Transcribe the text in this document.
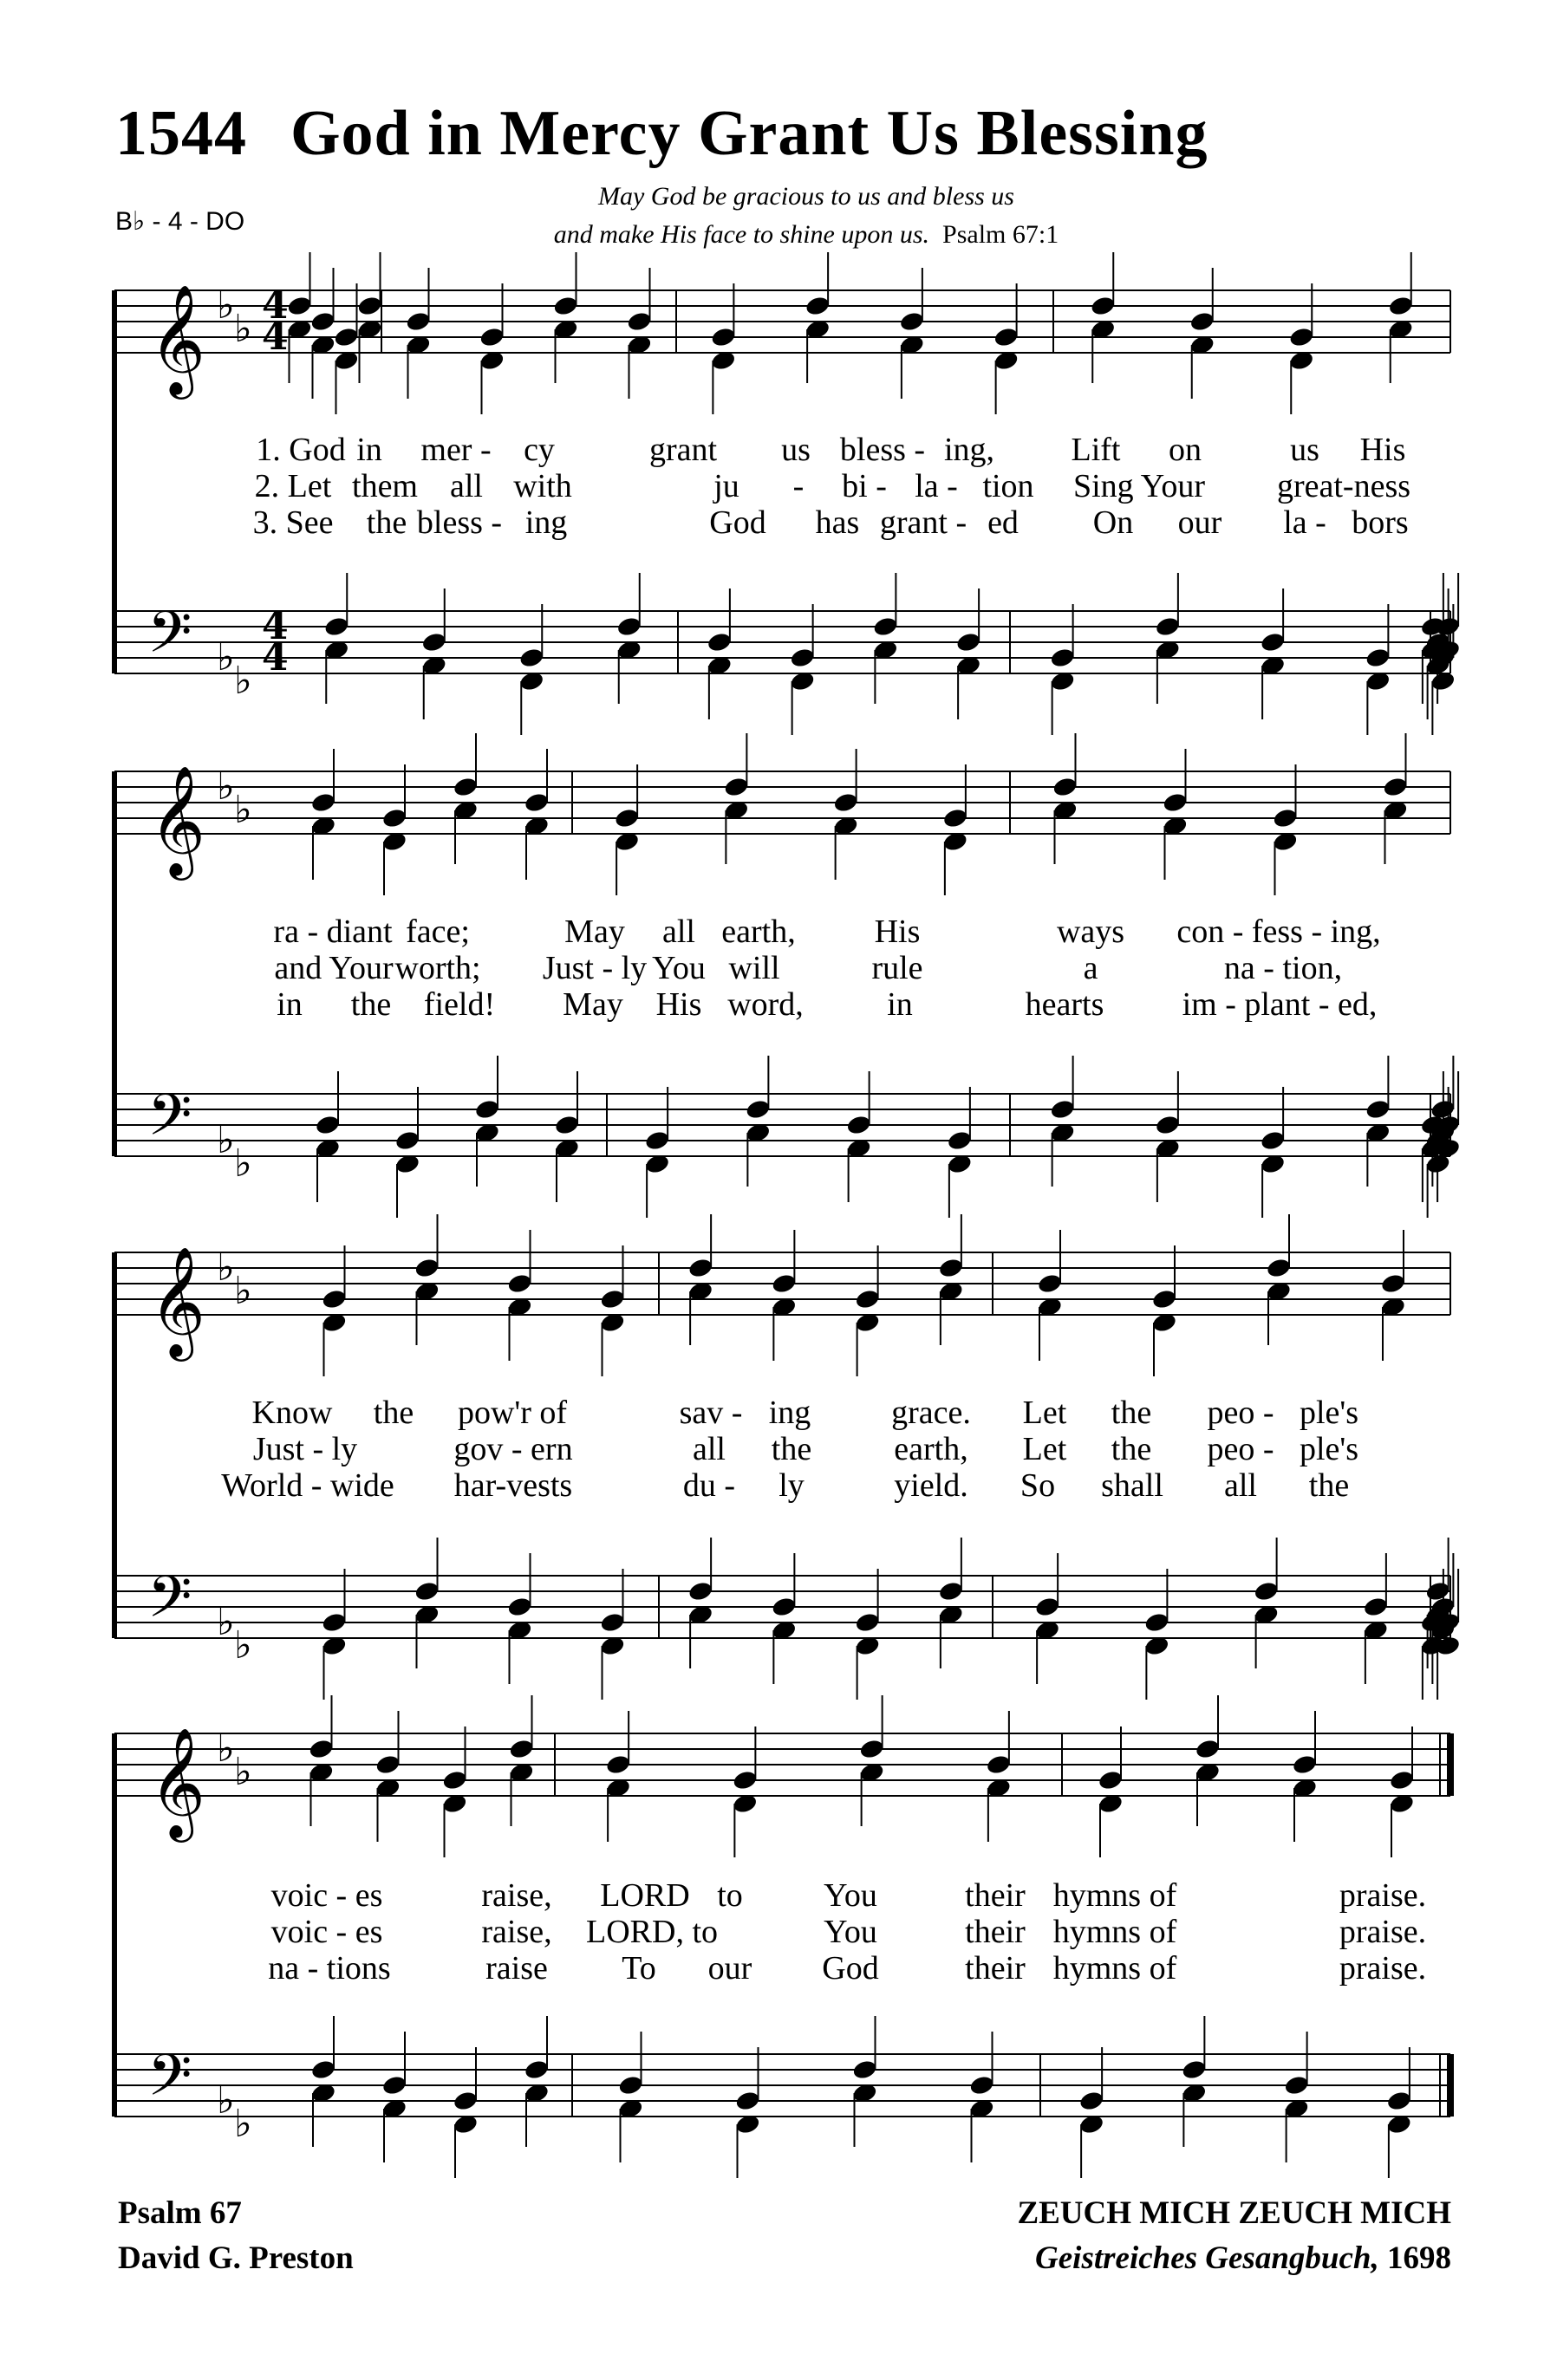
1544 God in Mercy Grant Us Blessing
B♭ - 4 - DO
May God be gracious to us and bless us
and make His face to shine upon us. Psalm 67:1
𝄞 ♭
♭
4
4
𝄢 ♭
♭
4
4
𝄞 ♭
♭
𝄢 ♭
♭
𝄞 ♭
♭
𝄢 ♭
♭
𝄞 ♭
♭
𝄢 ♭
♭
1. God in mer - cy	grant us bless - ing, Lift on	us His
2. Let them all with	ju - bi - la - tion Sing Your great-ness
3. See the bless - ing	God has grant - ed On our la - bors
ra - diant face;	May all earth, His	ways con - fess - ing,
and Your worth; Just - ly You will	rule	a	na - tion,
in the field! May His word,	in	hearts im - plant - ed,
Know the pow'r of	sav - ing grace. Let the peo - ple's
Just - ly	gov - ern	all the	earth, Let the peo - ple's
World - wide har-vests	du - ly	yield. So shall all the
voic - es	raise, LORD to You	their hymns of	praise.
voic - es	raise, LORD, to	You	their hymns of	praise.
na - tions	raise To our God	their hymns of	praise.
Psalm 67
David G. Preston
ZEUCH MICH ZEUCH MICH
Geistreiches Gesangbuch, 1698
